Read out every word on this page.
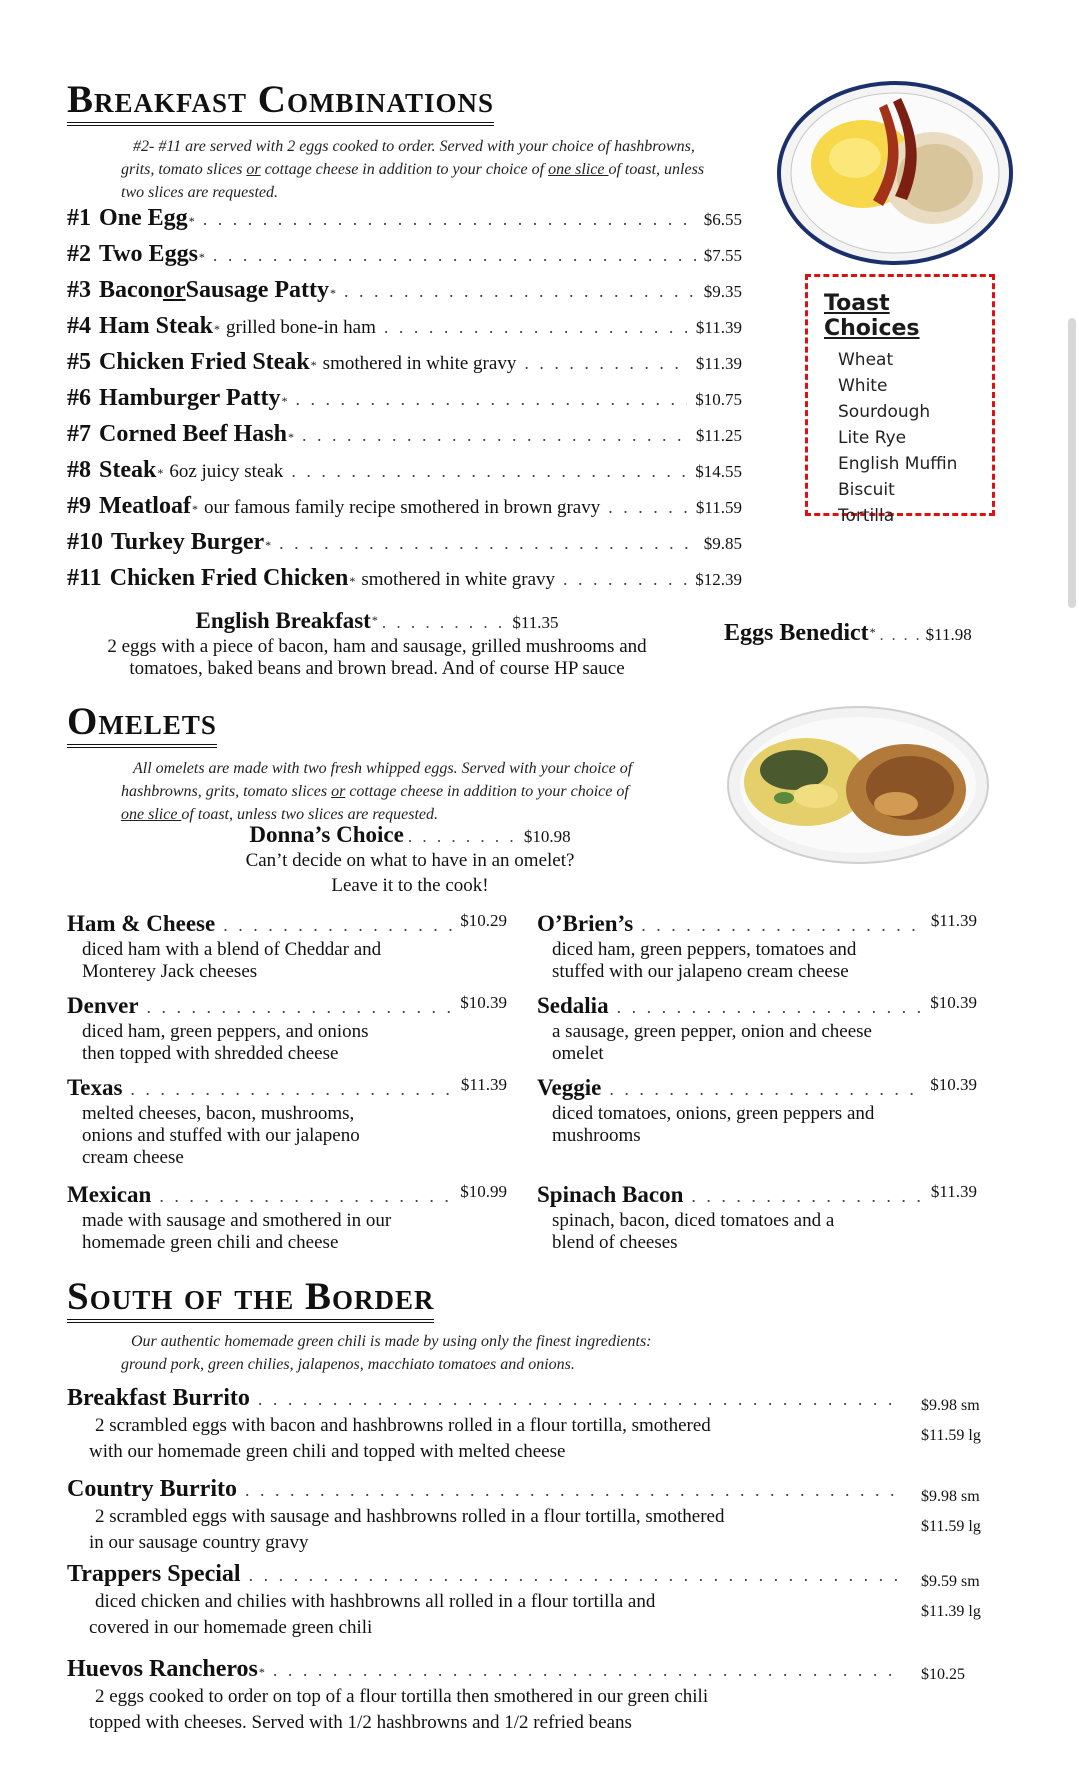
Breakfast Combinations

#2- #11 are served with 2 eggs cooked to order. Served with your choice of hashbrowns,

grits, tomato slices or cottage cheese in addition to your choice of one slice of toast, unless

two slices are requested.

#1
One Egg * . . .	$6.55
#2
Two Eggs * . . .	$7.55
#3
Bacon or Sausage Patty * . . .	$9.35
#4
Ham Steak * grilled bone-in ham . . .	$11.39
#5
Chicken Fried Steak * smothered in white gravy . . .	$11.39
#6
Hamburger Patty * . . .	$10.75
#7
Corned Beef Hash * . . .	$11.25
#8
Steak * 6oz juicy steak . . .	$14.55
#9
Meatloaf * our famous family recipe smothered in brown gravy . . .	$11.59
#10
Turkey Burger * . . .	$9.85
#11
Chicken Fried Chicken * smothered in white gravy . . .	$12.39
Toast Choices
Wheat
White
Sourdough
Lite Rye
English Muffin
Biscuit
Tortilla
English Breakfast* . . . . . . . . . $11.35
2 eggs with a piece of bacon, ham and sausage, grilled mushrooms and
tomatoes, baked beans and brown bread. And of course HP sauce
Eggs Benedict* . . . . $11.98
Omelets

All omelets are made with two fresh whipped eggs. Served with your choice of

hashbrowns, grits, tomato slices or cottage cheese in addition to your choice of

one slice of toast, unless two slices are requested.

Donna’s Choice . . . . . . . . $10.98
Can’t decide on what to have in an omelet?
Leave it to the cook!
Ham & Cheese . . .	$10.29
diced ham with a blend of Cheddar and
Monterey Jack cheeses
Denver . . .	$10.39
diced ham, green peppers, and onions
then topped with shredded cheese
Texas . . .	$11.39
melted cheeses, bacon, mushrooms,
onions and stuffed with our jalapeno
cream cheese
Mexican . . .	$10.99
made with sausage and smothered in our
homemade green chili and cheese
O’Brien’s . . .	$11.39
diced ham, green peppers, tomatoes and
stuffed with our jalapeno cream cheese
Sedalia . . .	$10.39
a sausage, green pepper, onion and cheese
omelet
Veggie . . .	$10.39
diced tomatoes, onions, green peppers and
mushrooms
Spinach Bacon . . .	$11.39
spinach, bacon, diced tomatoes and a
blend of cheeses
South of the Border

Our authentic homemade green chili is made by using only the finest ingredients:

ground pork, green chilies, jalapenos, macchiato tomatoes and onions.

Breakfast Burrito
. . .
2 scrambled eggs with bacon and hashbrowns rolled in a flour tortilla, smothered
with our homemade green chili and topped with melted cheese
$9.98 sm
$11.59 lg
Country Burrito
. . .
2 scrambled eggs with sausage and hashbrowns rolled in a flour tortilla, smothered
in our sausage country gravy
$9.98 sm
$11.59 lg
Trappers Special
. . .
diced chicken and chilies with hashbrowns all rolled in a flour tortilla and
covered in our homemade green chili
$9.59 sm
$11.39 lg
Huevos Rancheros *
. . .
2 eggs cooked to order on top of a flour tortilla then smothered in our green chili
topped with cheeses. Served with 1/2 hashbrowns and 1/2 refried beans
$10.25
